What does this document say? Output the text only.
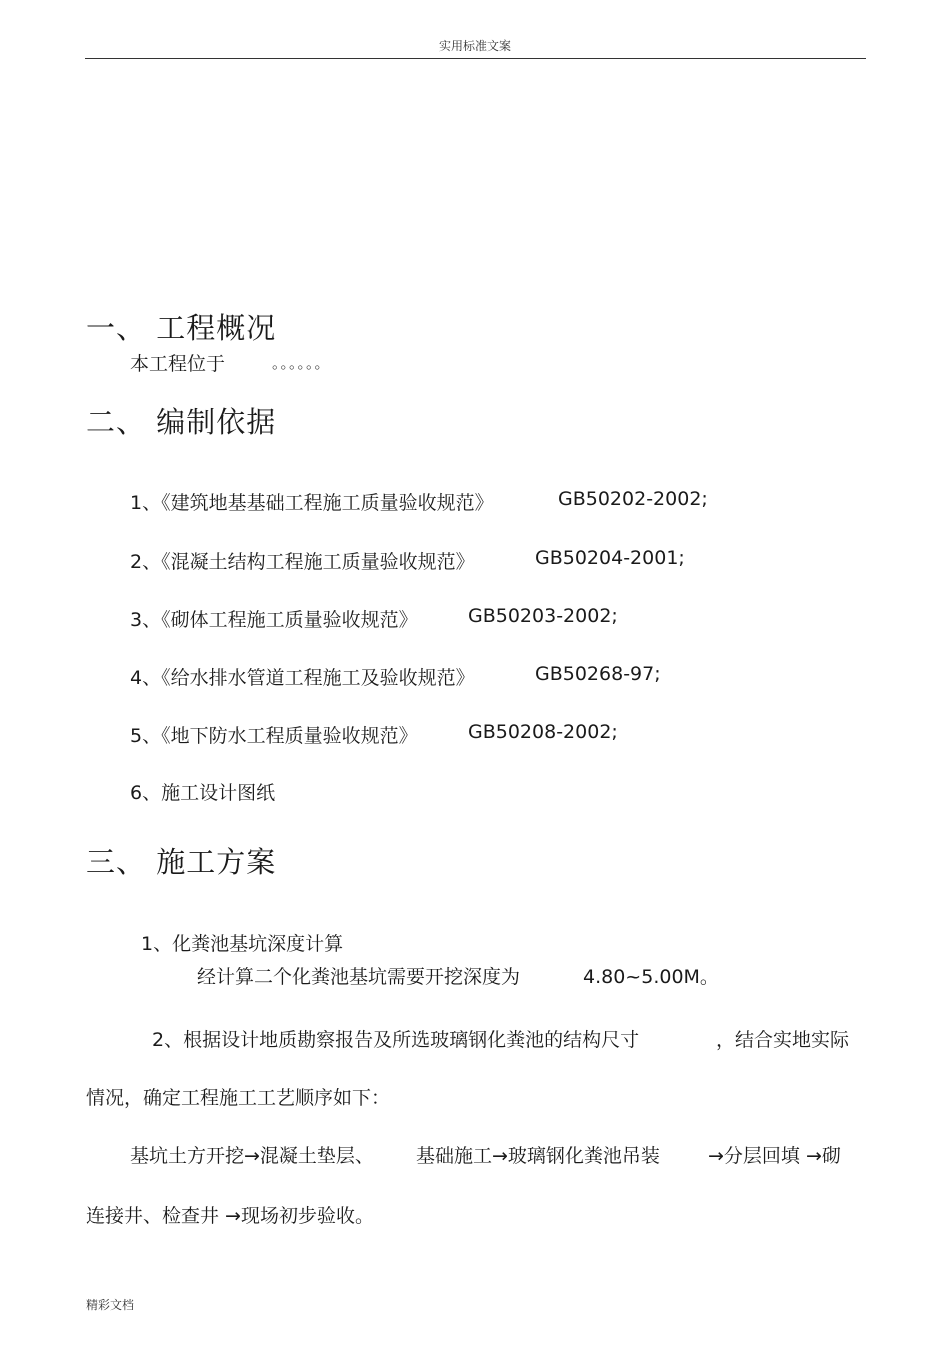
实用标准文案
一、 工程概况
本工程位于	。。。。。。
二、 编制依据
1、《建筑地基基础工程施工质量验收规范》	GB50202-2002;
2、《混凝土结构工程施工质量验收规范》	GB50204-2001;
3、《砌体工程施工质量验收规范》	GB50203-2002;
4、《给水排水管道工程施工及验收规范》	GB50268-97;
5、《地下防水工程质量验收规范》	GB50208-2002;
6、施工设计图纸
三、 施工方案
1、化粪池基坑深度计算
经计算二个化粪池基坑需要开挖深度为	4.80~5.00M。
2、根据设计地质勘察报告及所选玻璃钢化粪池的结构尺寸	，结合实地实际
情况，确定工程施工工艺顺序如下：
基坑土方开挖→混凝土垫层、 基础施工→玻璃钢化粪池吊装	→分层回填 →砌
连接井、检查井 →现场初步验收。
精彩文档
